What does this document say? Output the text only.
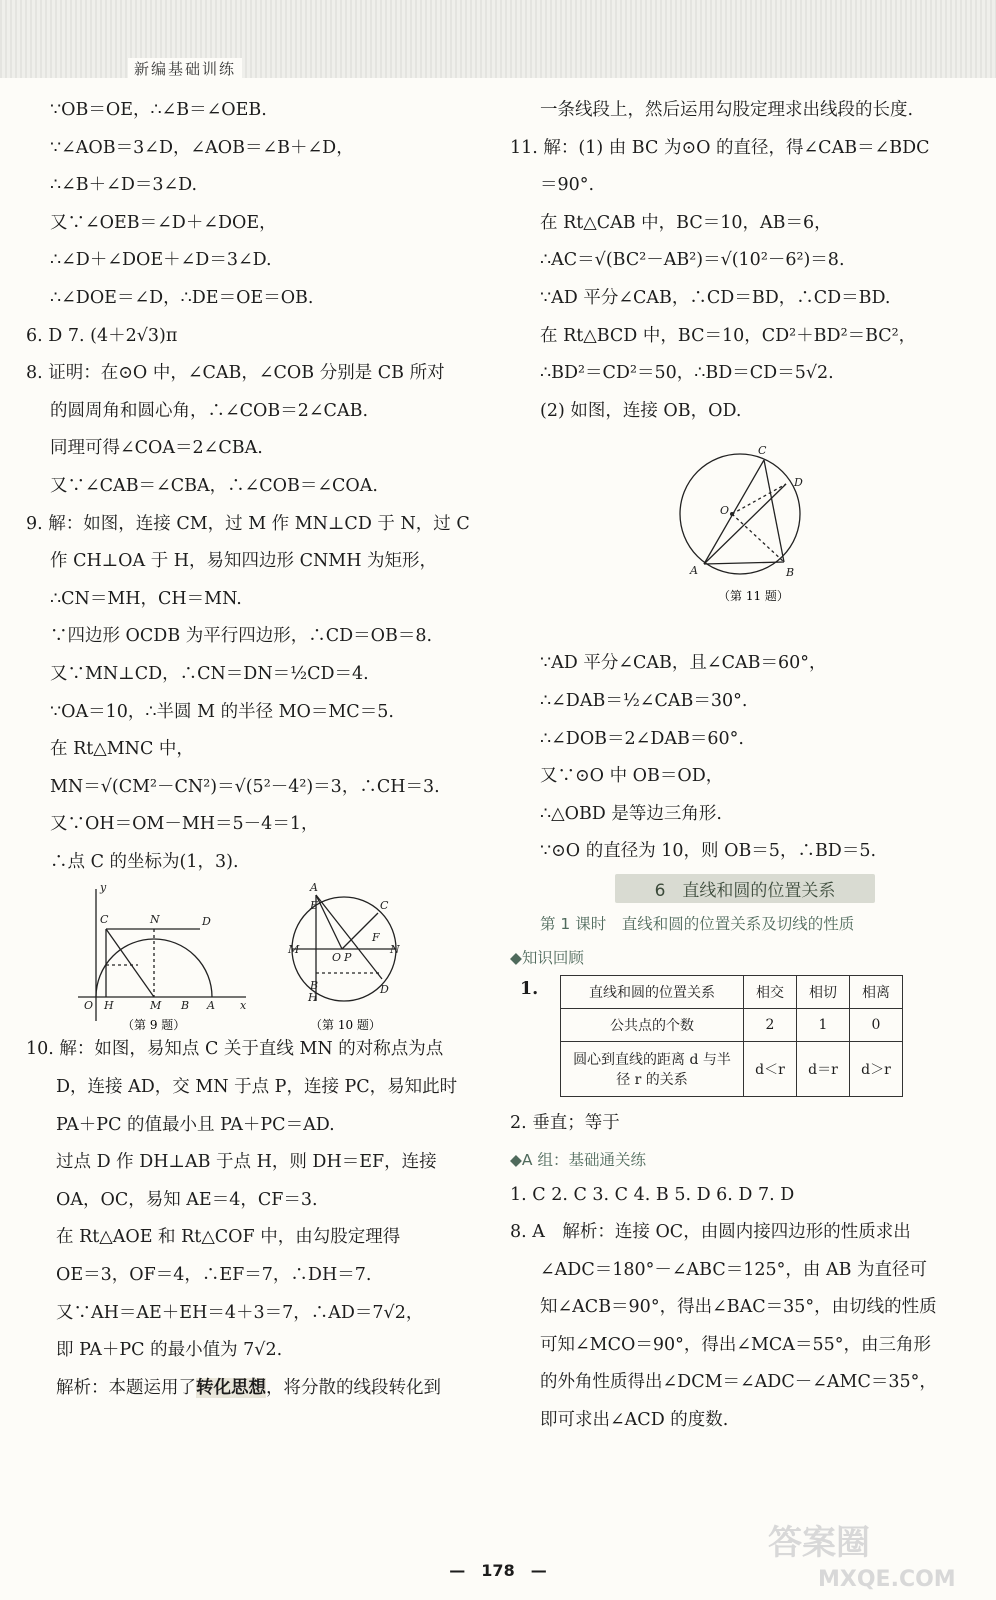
新编基础训练
∵OB＝OE，∴∠B＝∠OEB.
∵∠AOB＝3∠D，∠AOB＝∠B＋∠D，
∴∠B＋∠D＝3∠D.
又∵∠OEB＝∠D＋∠DOE，
∴∠D＋∠DOE＋∠D＝3∠D.
∴∠DOE＝∠D，∴DE＝OE＝OB.
6. D 7. (4＋2√3)π
8. 证明：在⊙O 中，∠CAB，∠COB 分别是 CB 所对
的圆周角和圆心角，∴∠COB＝2∠CAB.
同理可得∠COA＝2∠CBA.
又∵∠CAB＝∠CBA，∴∠COB＝∠COA.
9. 解：如图，连接 CM，过 M 作 MN⊥CD 于 N，过 C
作 CH⊥OA 于 H，易知四边形 CNMH 为矩形，
∴CN＝MH，CH＝MN.
∵四边形 OCDB 为平行四边形，∴CD＝OB＝8.
又∵MN⊥CD，∴CN＝DN＝½CD＝4.
∵OA＝10，∴半圆 M 的半径 MO＝MC＝5.
在 Rt△MNC 中，
MN＝√(CM²－CN²)＝√(5²－4²)＝3，∴CH＝3.
又∵OH＝OM－MH＝5－4＝1，
∴点 C 的坐标为(1，3).
C	N	D
O H	M B A x
y
（第 9 题）
A
E
M
H
B
O P
F
C
N
D
（第 10 题）
10. 解：如图，易知点 C 关于直线 MN 的对称点为点
D，连接 AD，交 MN 于点 P，连接 PC，易知此时
PA＋PC 的值最小且 PA＋PC＝AD.
过点 D 作 DH⊥AB 于点 H，则 DH＝EF，连接
OA，OC，易知 AE＝4，CF＝3.
在 Rt△AOE 和 Rt△COF 中，由勾股定理得
OE＝3，OF＝4，∴EF＝7，∴DH＝7.
又∵AH＝AE＋EH＝4＋3＝7，∴AD＝7√2，
即 PA＋PC 的最小值为 7√2.
解析：本题运用了转化思想，将分散的线段转化到
一条线段上，然后运用勾股定理求出线段的长度.
11. 解：(1) 由 BC 为⊙O 的直径，得∠CAB＝∠BDC
＝90°.
在 Rt△CAB 中，BC＝10，AB＝6，
∴AC＝√(BC²－AB²)＝√(10²－6²)＝8.
∵AD 平分∠CAB，∴CD＝BD，∴CD＝BD.
在 Rt△BCD 中，BC＝10，CD²＋BD²＝BC²，
∴BD²＝CD²＝50，∴BD＝CD＝5√2.
(2) 如图，连接 OB，OD.
C
D
O
A	B
（第 11 题）
∵AD 平分∠CAB，且∠CAB＝60°，
∴∠DAB＝½∠CAB＝30°.
∴∠DOB＝2∠DAB＝60°.
又∵⊙O 中 OB＝OD，
∴△OBD 是等边三角形.
∵⊙O 的直径为 10，则 OB＝5，∴BD＝5.
6　直线和圆的位置关系
第 1 课时　直线和圆的位置关系及切线的性质
◆知识回顾
1.	直线和圆的位置关系	相交	相切	相离
公共点的个数	2	1	0
圆心到直线的距离 d 与半径 r 的关系	d＜r	d＝r	d＞r
2. 垂直；等于
◆A 组：基础通关练
1. C 2. C 3. C 4. B 5. D 6. D 7. D
8. A　解析：连接 OC，由圆内接四边形的性质求出
∠ADC＝180°－∠ABC＝125°，由 AB 为直径可
知∠ACB＝90°，得出∠BAC＝35°，由切线的性质
可知∠MCO＝90°，得出∠MCA＝55°，由三角形
的外角性质得出∠DCM＝∠ADC－∠AMC＝35°，
即可求出∠ACD 的度数.
—　178　—
答案圈
MXQE.COM
